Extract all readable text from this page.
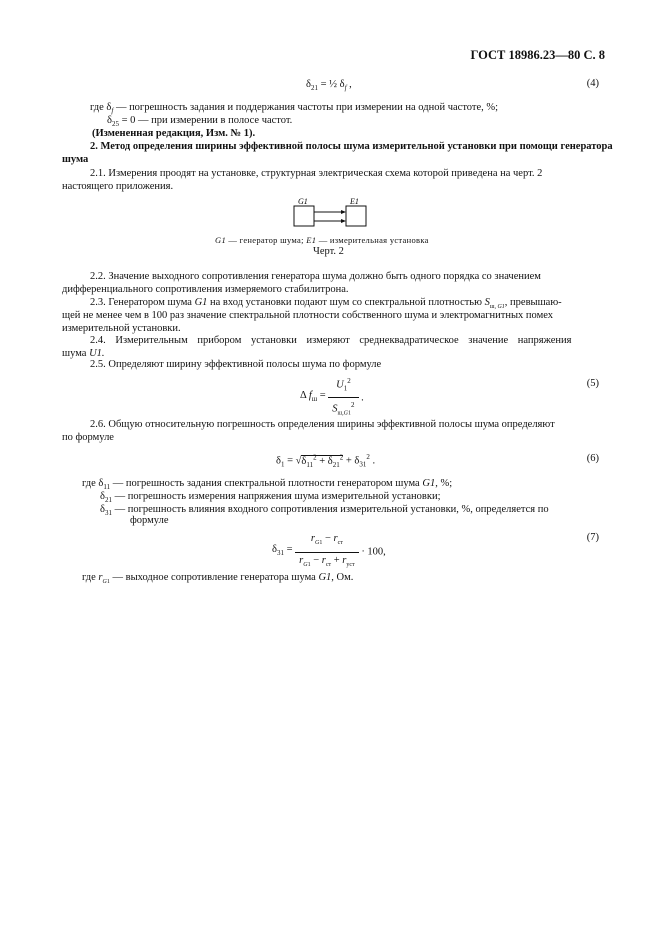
ГОСТ 18986.23—80 С. 8
$\delta_{21}$ = ½ $\delta_f$ ,	(4)
где $\delta_f$ — погрешность задания и поддержания частоты при измерении на одной частоте, %;
$\delta_{25} = 0$ — при измерении в полосе частот.
(Измененная редакция, Изм. № 1).
2. Метод определения ширины эффективной полосы шума измерительной установки при помощи генератора
шума
2.1. Измерения проодят на установке, структурная электрическая схема которой приведена на черт. 2
настоящего приложения.
G1	E1
G1 — генератор шума; E1 — измерительная установка
Черт. 2
2.2. Значение выходного сопротивления генератора шума должно быть одного порядка со значением
дифференциального сопротивления измеряемого стабилитрона.
2.3. Генератором шума G1 на вход установки подают шум со спектральной плотностью $S_{ш, G1}$, превышаю-
щей не менее чем в 100 раз значение спектральной плотности собственного шума и электромагнитных помех
измерительной установки.
2.4. Измерительным прибором установки измеряют среднеквадратическое значение напряжения
шума U1.
2.5. Определяют ширину эффективной полосы шума по формуле
Δ $f_ш = \frac{U_1^2}{S_{ш,G1}^2}$ .
(5)
2.6. Общую относительную погрешность определения ширины эффективной полосы шума определяют
по формуле
$\delta_1 = √\delta_{11}^2 + \delta_{21}^2 + \delta_{31}^2$ .	(6)
где $\delta_{11}$ — погрешность задания спектральной плотности генератором шума G1, %;
$\delta_{21}$ — погрешность измерения напряжения шума измерительной установки;
$\delta_{31}$ — погрешность влияния входного сопротивления измерительной установки, %, определяется по
формуле
$\delta_{31} = \frac{r_{G1} - r_{ст}}{r_{G1} - r_{ст} + r_{уст}} \cdot 100$,
(7)
где $r_{G1}$ — выходное сопротивление генератора шума G1, Ом.
